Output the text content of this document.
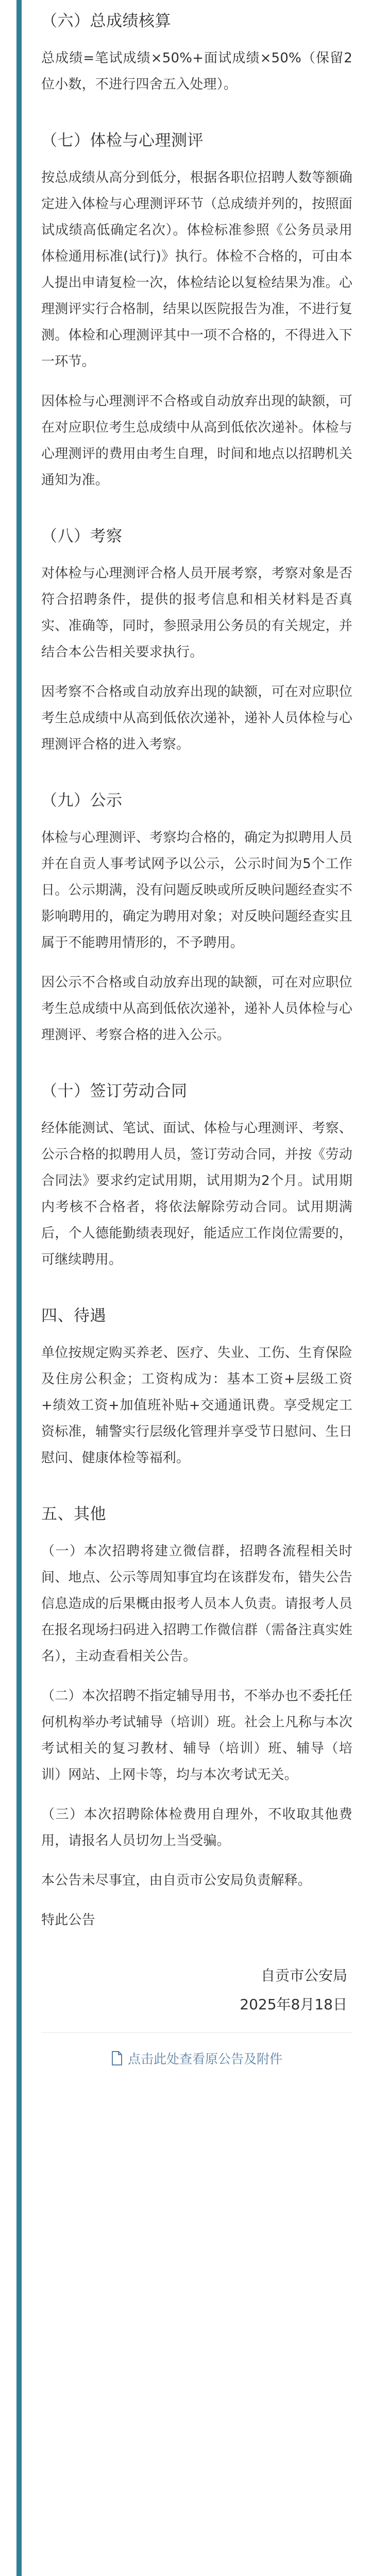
（六）总成绩核算
总成绩=笔试成绩×50%+面试成绩×50%（保留2位小数，不进行四舍五入处理）。
（七）体检与心理测评
按总成绩从高分到低分，根据各职位招聘人数等额确定进入体检与心理测评环节（总成绩并列的，按照面试成绩高低确定名次）。体检标准参照《公务员录用体检通用标准(试行)》执行。体检不合格的，可由本人提出申请复检一次，体检结论以复检结果为准。心理测评实行合格制，结果以医院报告为准，不进行复测。体检和心理测评其中一项不合格的，不得进入下一环节。
因体检与心理测评不合格或自动放弃出现的缺额，可在对应职位考生总成绩中从高到低依次递补。体检与心理测评的费用由考生自理，时间和地点以招聘机关通知为准。
（八）考察
对体检与心理测评合格人员开展考察，考察对象是否符合招聘条件，提供的报考信息和相关材料是否真实、准确等，同时，参照录用公务员的有关规定，并结合本公告相关要求执行。
因考察不合格或自动放弃出现的缺额，可在对应职位考生总成绩中从高到低依次递补，递补人员体检与心理测评合格的进入考察。
（九）公示
体检与心理测评、考察均合格的，确定为拟聘用人员并在自贡人事考试网予以公示，公示时间为5个工作日。公示期满，没有问题反映或所反映问题经查实不影响聘用的，确定为聘用对象；对反映问题经查实且属于不能聘用情形的，不予聘用。
因公示不合格或自动放弃出现的缺额，可在对应职位考生总成绩中从高到低依次递补，递补人员体检与心理测评、考察合格的进入公示。
（十）签订劳动合同
经体能测试、笔试、面试、体检与心理测评、考察、公示合格的拟聘用人员，签订劳动合同，并按《劳动合同法》要求约定试用期，试用期为2个月。试用期内考核不合格者，将依法解除劳动合同。试用期满后，个人德能勤绩表现好，能适应工作岗位需要的，可继续聘用。
四、待遇
单位按规定购买养老、医疗、失业、工伤、生育保险及住房公积金；工资构成为：基本工资+层级工资+绩效工资+加值班补贴+交通通讯费。享受规定工资标准，辅警实行层级化管理并享受节日慰问、生日慰问、健康体检等福利。
五、其他
（一）本次招聘将建立微信群，招聘各流程相关时间、地点、公示等周知事宜均在该群发布，错失公告信息造成的后果概由报考人员本人负责。请报考人员在报名现场扫码进入招聘工作微信群（需备注真实姓名），主动查看相关公告。
（二）本次招聘不指定辅导用书，不举办也不委托任何机构举办考试辅导（培训）班。社会上凡称与本次考试相关的复习教材、辅导（培训）班、辅导（培训）网站、上网卡等，均与本次考试无关。
（三）本次招聘除体检费用自理外，不收取其他费用，请报名人员切勿上当受骗。
本公告未尽事宜，由自贡市公安局负责解释。
特此公告
自贡市公安局
2025年8月18日
点击此处查看原公告及附件
